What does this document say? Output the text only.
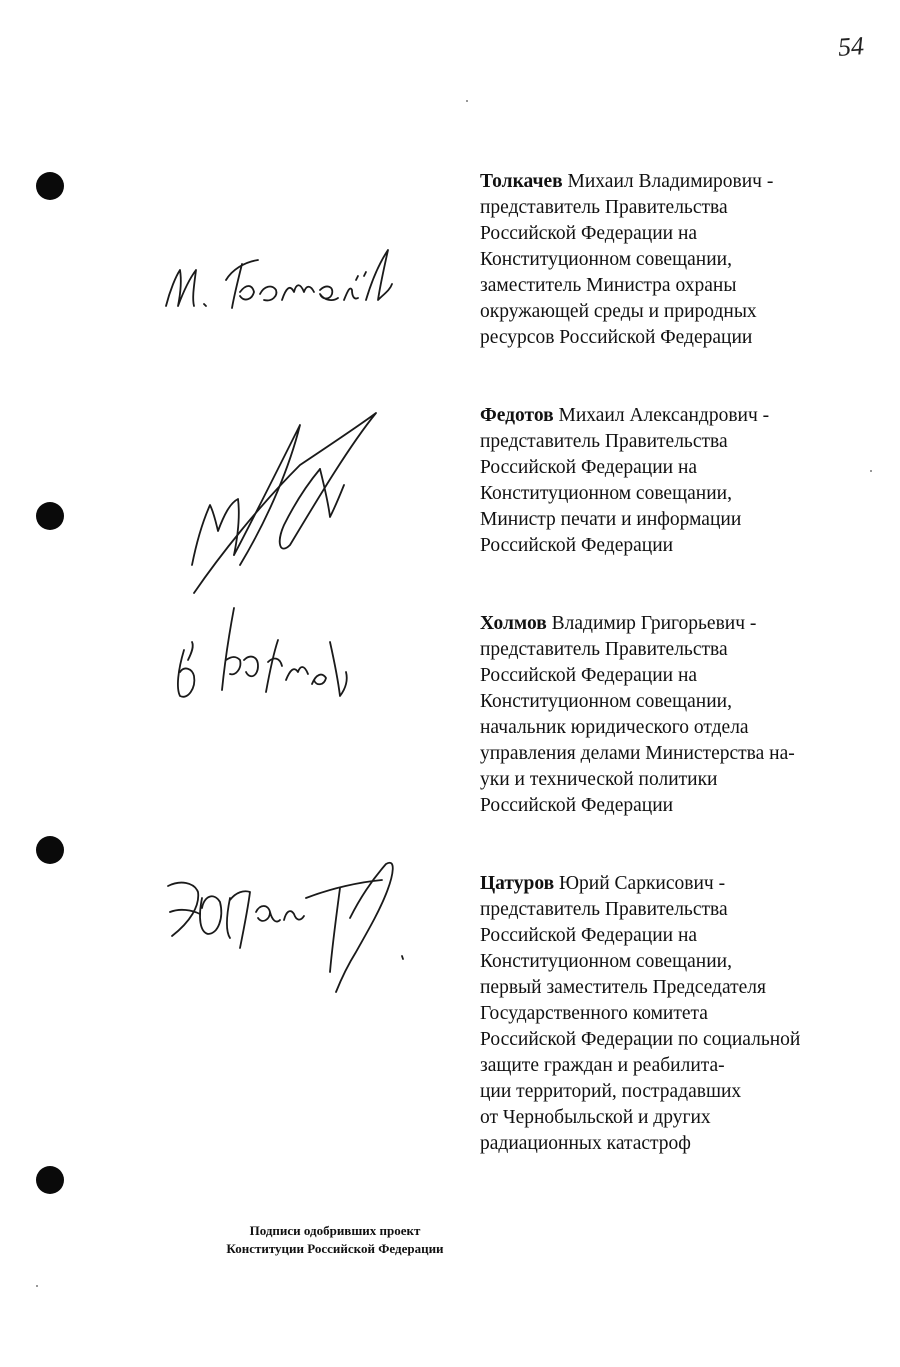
54
Толкачев Михаил Владимирович -
представитель Правительства
Российской Федерации на
Конституционном совещании,
заместитель Министра охраны
окружающей среды и природных
ресурсов Российской Федерации
Федотов Михаил Александрович -
представитель Правительства
Российской Федерации на
Конституционном совещании,
Министр печати и информации
Российской Федерации
Холмов Владимир Григорьевич -
представитель Правительства
Российской Федерации на
Конституционном совещании,
начальник юридического отдела
управления делами Министерства на-
уки и технической политики
Российской Федерации
Цатуров Юрий Саркисович -
представитель Правительства
Российской Федерации на
Конституционном совещании,
первый заместитель Председателя
Государственного комитета
Российской Федерации по социальной
защите граждан и реабилита-
ции территорий, пострадавших
от Чернобыльской и других
радиационных катастроф
Подписи одобривших проект
Конституции Российской Федерации
